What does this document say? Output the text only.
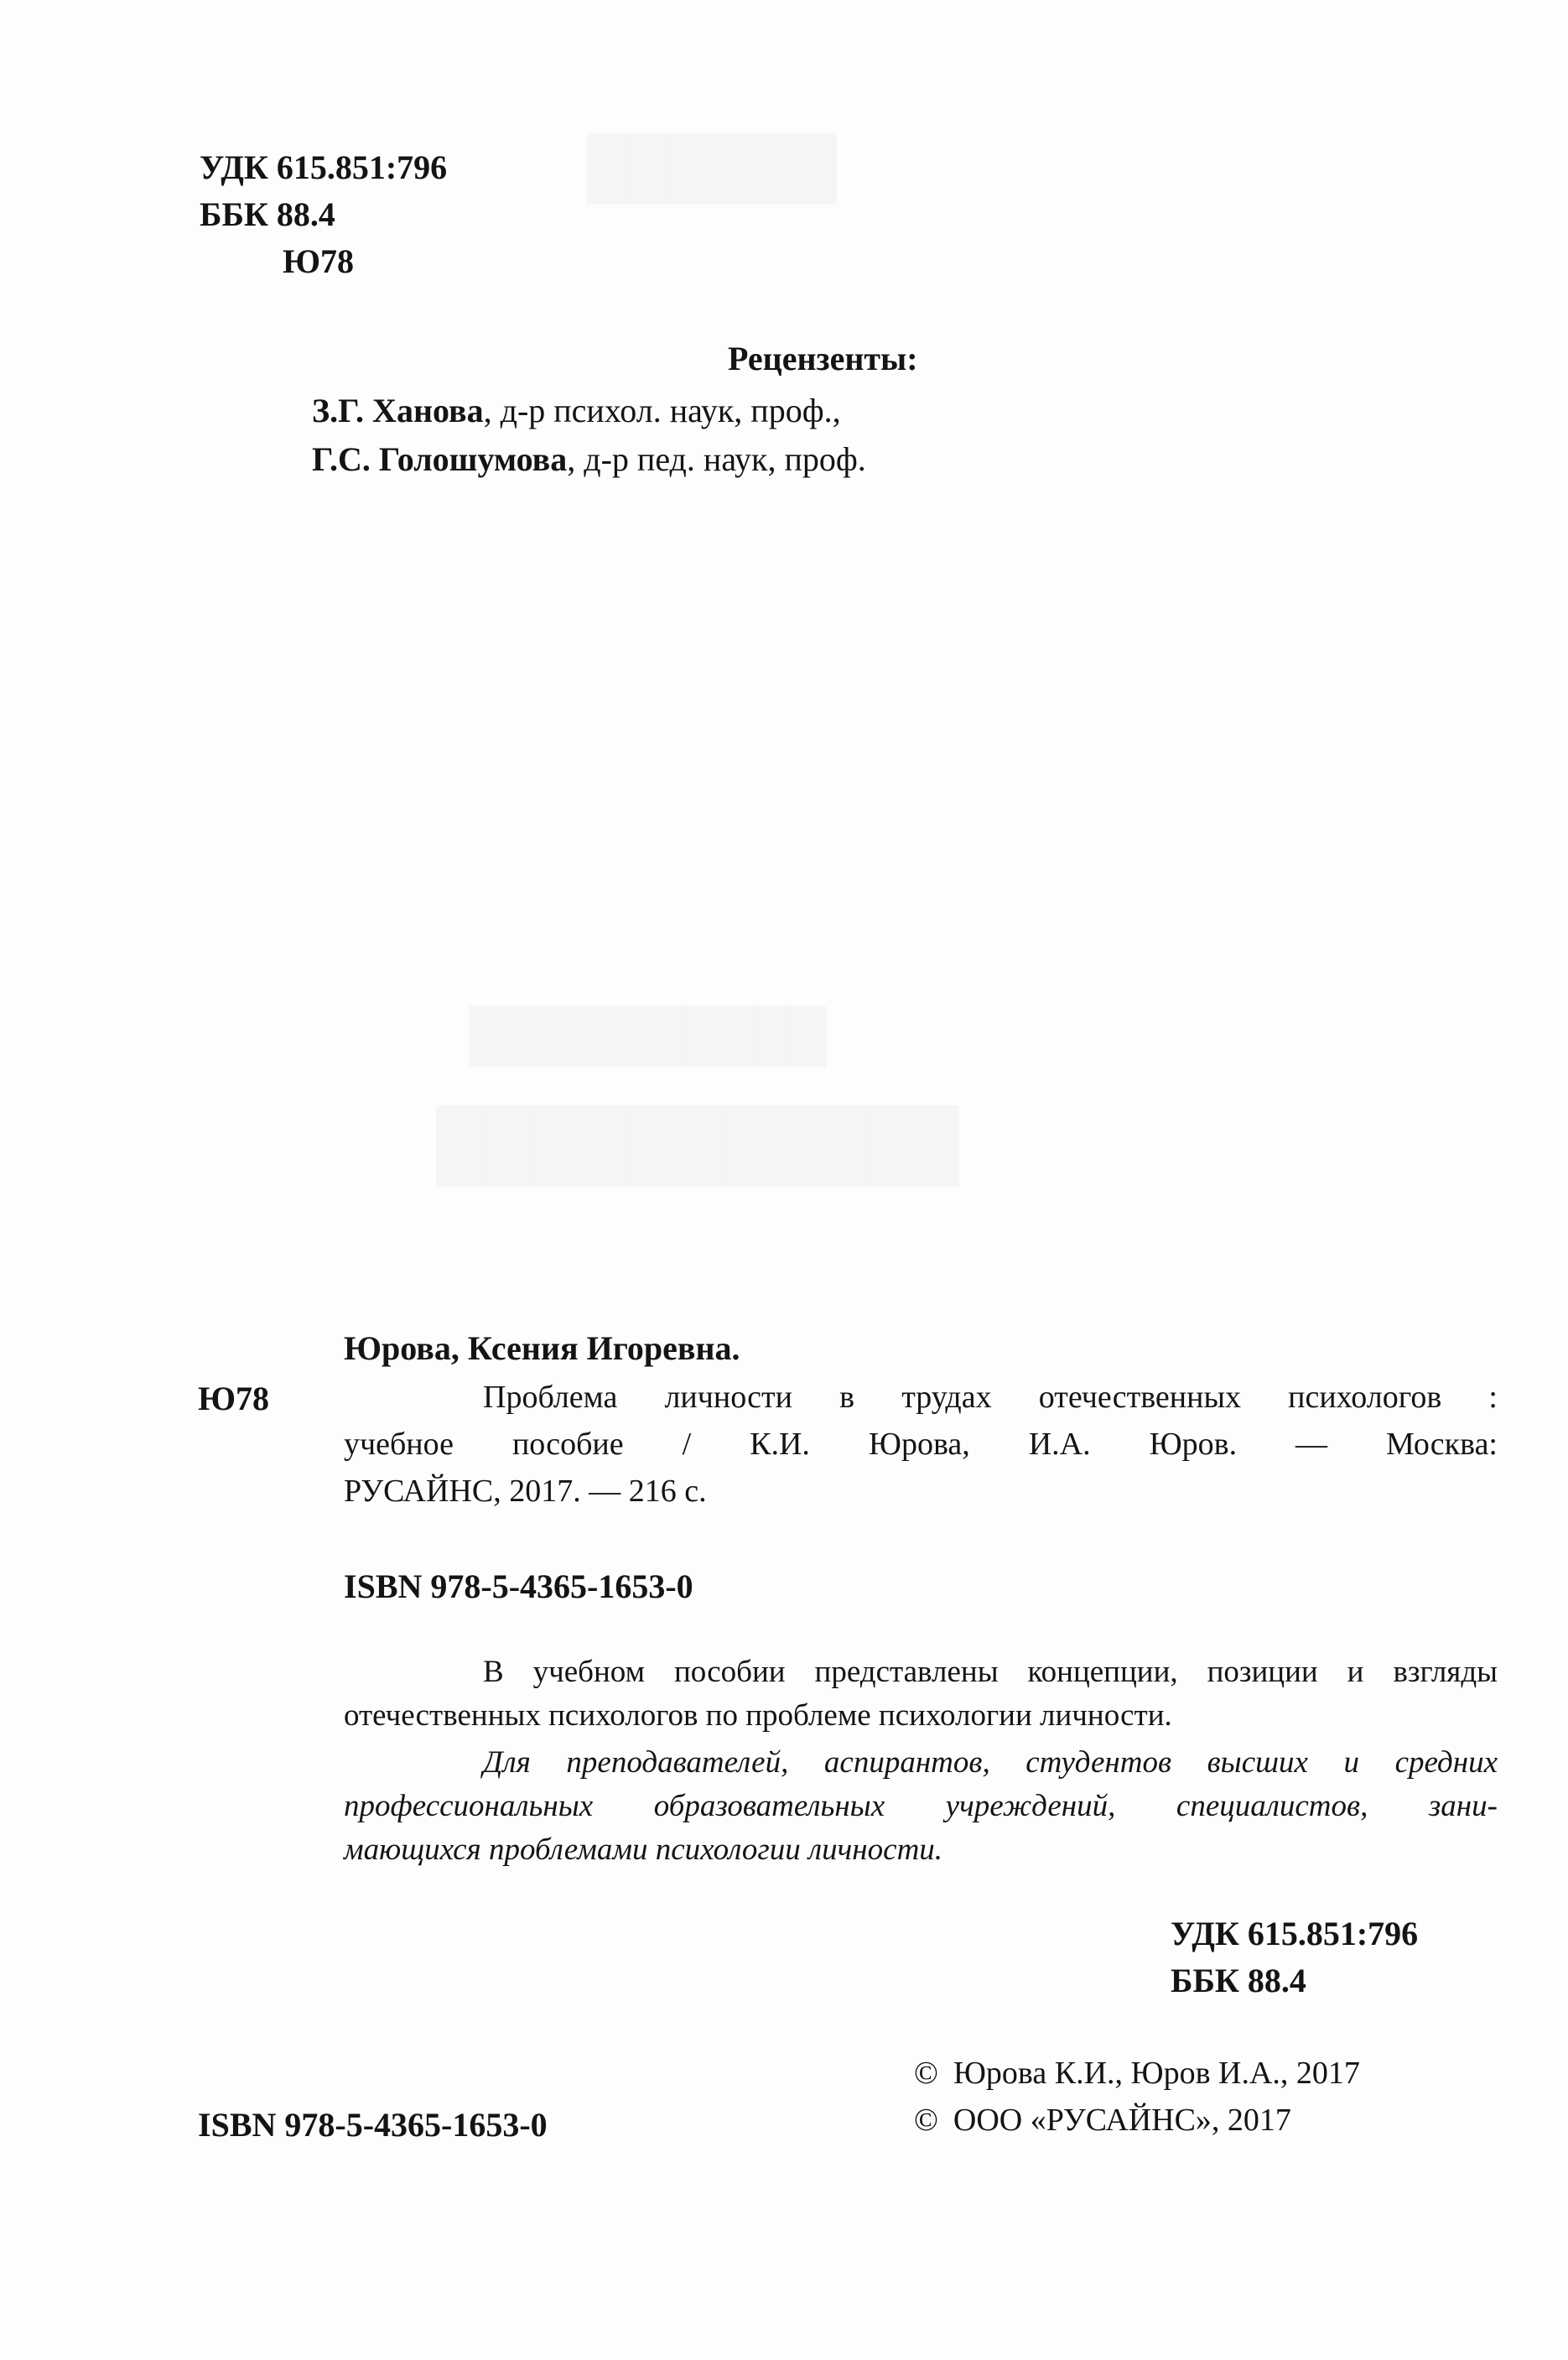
██████
██████████
███████████
УДК 615.851:796
ББК 88.4
Ю78
Рецензенты:
З.Г. Ханова, д-р психол. наук, проф.,
Г.С. Голошумова, д-р пед. наук, проф.
Юрова, Ксения Игоревна.
Ю78	Проблема личности в трудах отечественных психологов :
учебное пособие / К.И. Юрова, И.А. Юров. — Москва:
РУСАЙНС, 2017. — 216 с.
ISBN 978-5-4365-1653-0
В учебном пособии представлены концепции, позиции и взгляды
отечественных психологов по проблеме психологии личности.
Для преподавателей, аспирантов, студентов высших и средних
профессиональных образовательных учреждений, специалистов, зани-
мающихся проблемами психологии личности.
УДК 615.851:796
ББК 88.4
© Юрова К.И., Юров И.А., 2017
© ООО «РУСАЙНС», 2017
ISBN 978-5-4365-1653-0
